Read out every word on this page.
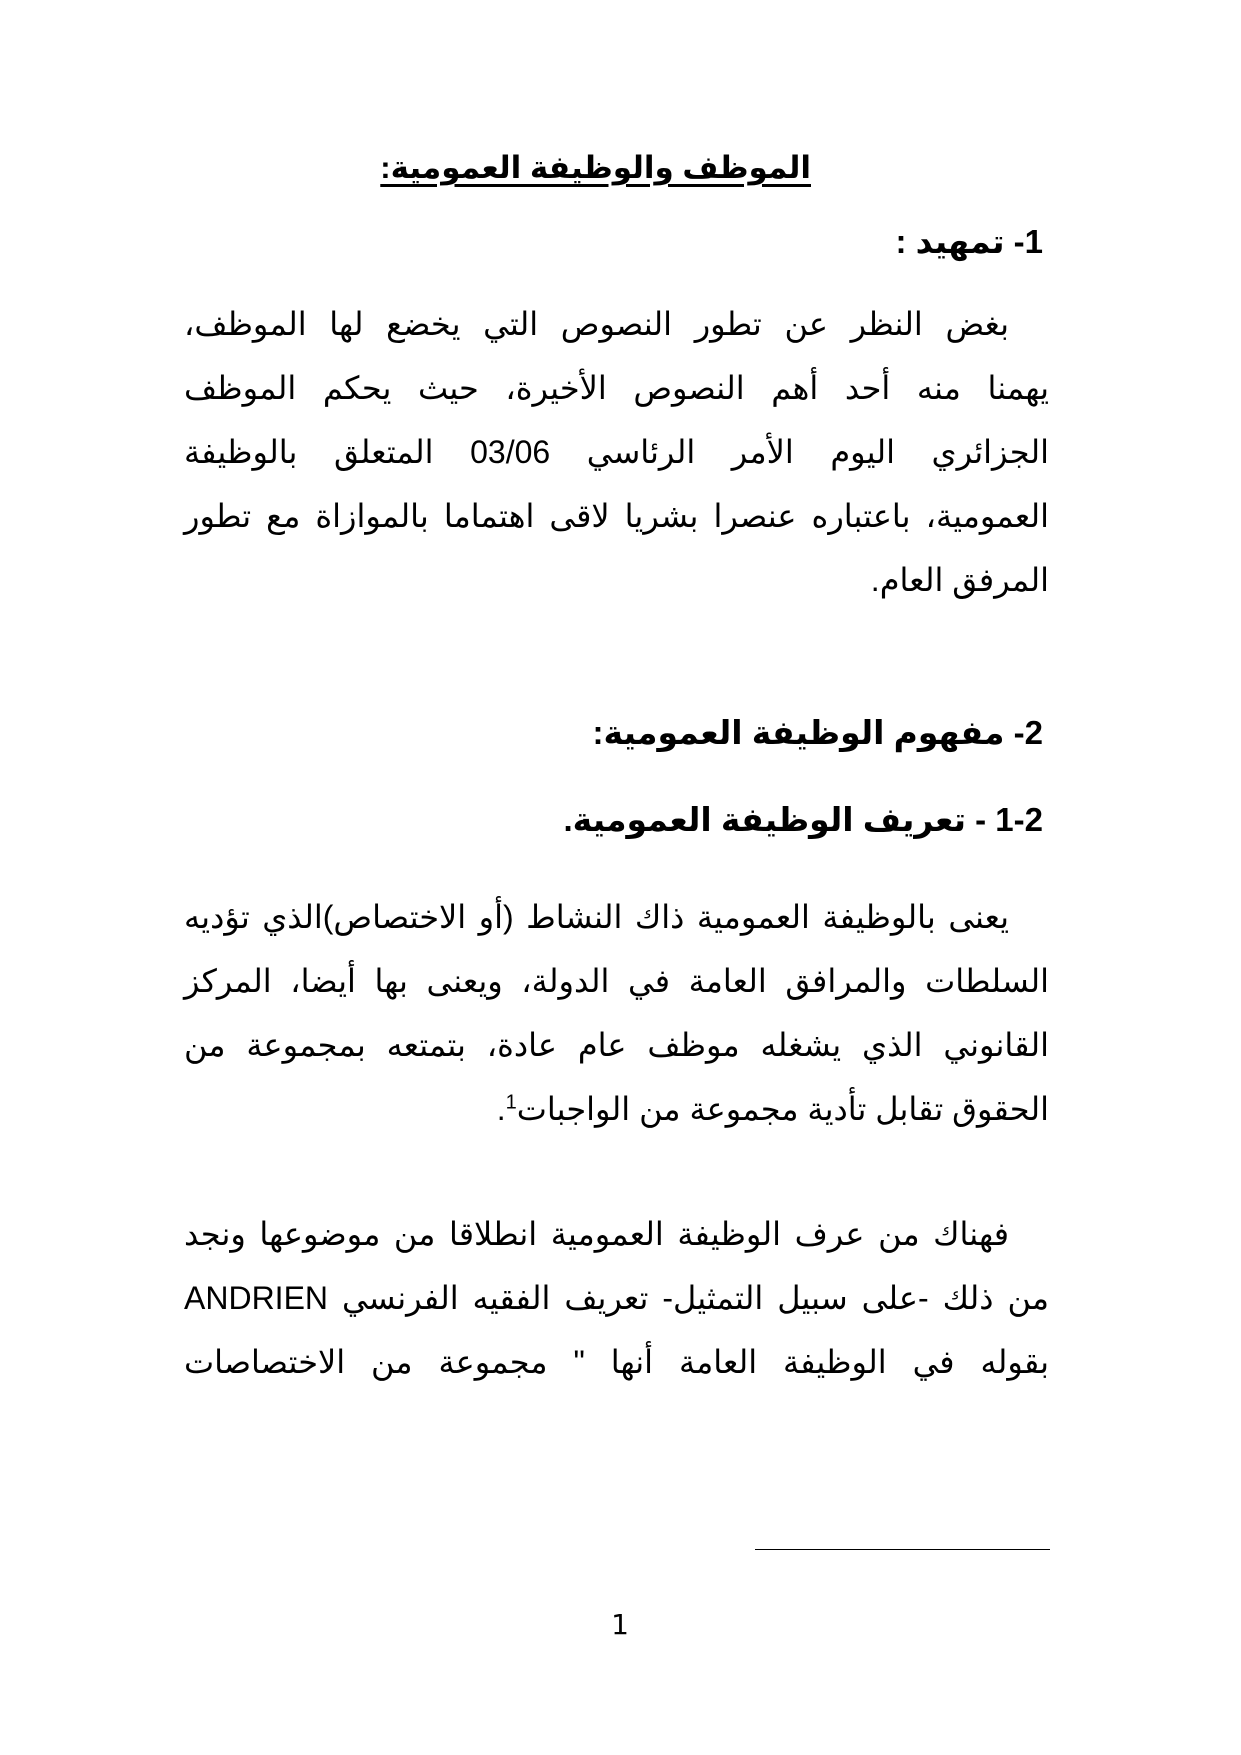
الموظف والوظيفة العمومية:
1- تمهيد :
بغض النظر عن تطور النصوص التي يخضع لها الموظف،
يهمنا منه أحد أهم النصوص الأخيرة، حيث يحكم الموظف
الجزائري اليوم الأمر الرئاسي 03/06 المتعلق بالوظيفة
العمومية، باعتباره عنصرا بشريا لاقى اهتماما بالموازاة مع تطور
المرفق العام.
2- مفهوم الوظيفة العمومية:
1-2 - تعريف الوظيفة العمومية.
يعنى بالوظيفة العمومية ذاك النشاط (أو الاختصاص)الذي تؤديه
السلطات والمرافق العامة في الدولة، ويعنى بها أيضا، المركز
القانوني الذي يشغله موظف عام عادة، بتمتعه بمجموعة من
الحقوق تقابل تأدية مجموعة من الواجبات$^1$.
فهناك من عرف الوظيفة العمومية انطلاقا من موضوعها ونجد
من ذلك -على سبيل التمثيل- تعريف الفقيه الفرنسي ANDRIEN
بقوله في الوظيفة العامة أنها " مجموعة من الاختصاصات
1
